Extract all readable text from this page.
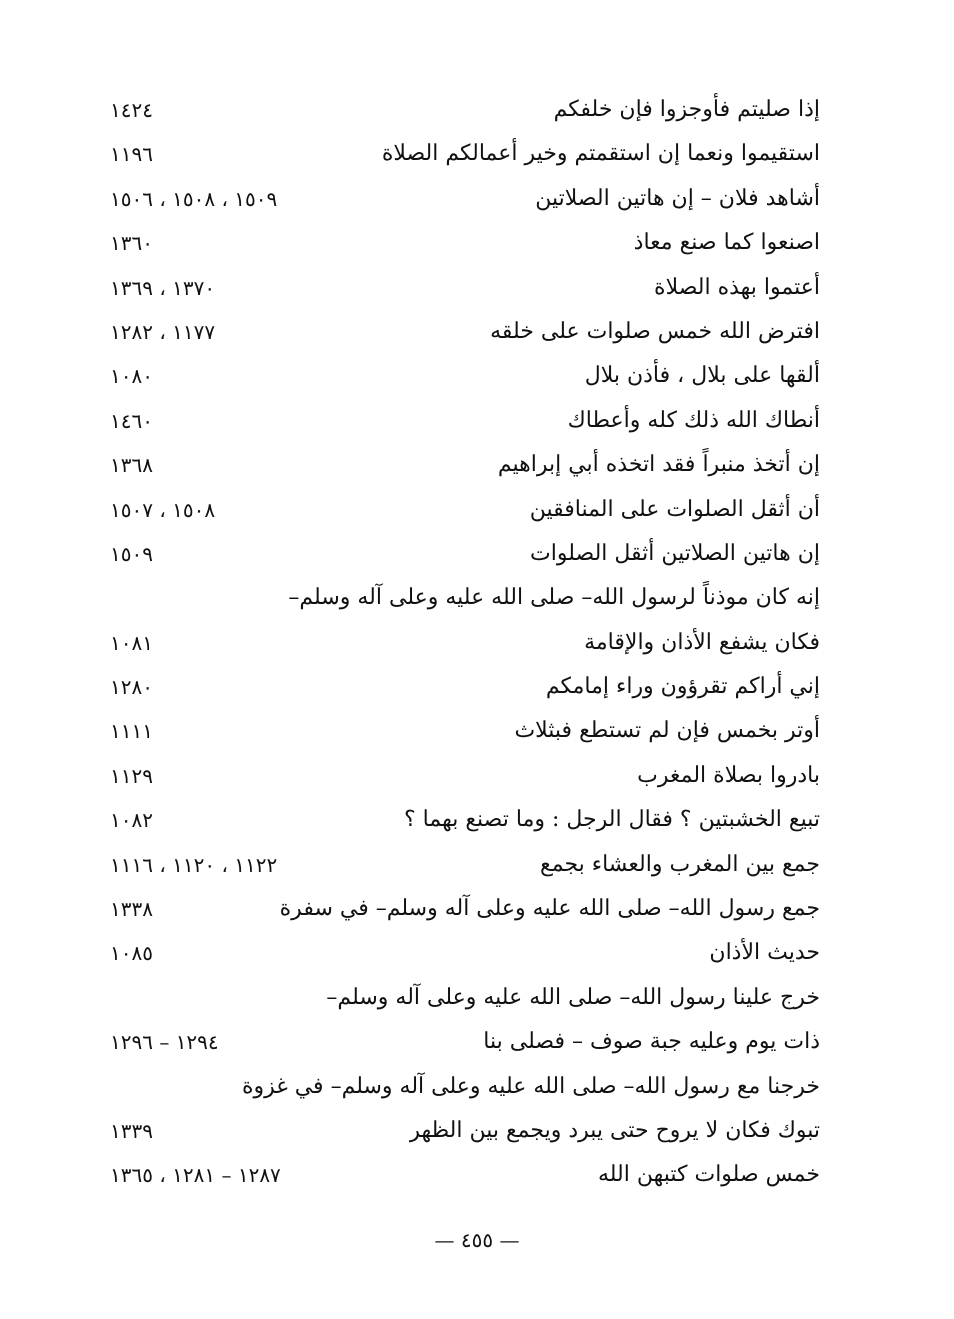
إذا صليتم فأوجزوا فإن خلفكم
١٤٢٤
استقيموا ونعما إن استقمتم وخير أعمالكم الصلاة
١١٩٦
أشاهد فلان – إن هاتين الصلاتين
١٥٠٩ ، ١٥٠٨ ، ١٥٠٦
اصنعوا كما صنع معاذ
١٣٦٠
أعتموا بهذه الصلاة
١٣٧٠ ، ١٣٦٩
افترض الله خمس صلوات على خلقه
١١٧٧ ، ١٢٨٢
ألقها على بلال ، فأذن بلال
١٠٨٠
أنطاك الله ذلك كله وأعطاك
١٤٦٠
إن أتخذ منبراً فقد اتخذه أبي إبراهيم
١٣٦٨
أن أثقل الصلوات على المنافقين
١٥٠٨ ، ١٥٠٧
إن هاتين الصلاتين أثقل الصلوات
١٥٠٩
إنه كان موذناً لرسول الله– صلى الله عليه وعلى آله وسلم–
فكان يشفع الأذان والإقامة
١٠٨١
إني أراكم تقرؤون وراء إمامكم
١٢٨٠
أوتر بخمس فإن لم تستطع فبثلاث
١١١١
بادروا بصلاة المغرب
١١٢٩
تبيع الخشبتين ؟ فقال الرجل : وما تصنع بهما ؟
١٠٨٢
جمع بين المغرب والعشاء بجمع
١١٢٢ ، ١١٢٠ ، ١١١٦
جمع رسول الله– صلى الله عليه وعلى آله وسلم– في سفرة
١٣٣٨
حديث الأذان
١٠٨٥
خرج علينا رسول الله– صلى الله عليه وعلى آله وسلم–
ذات يوم وعليه جبة صوف – فصلى بنا
١٢٩٤ – ١٢٩٦
خرجنا مع رسول الله– صلى الله عليه وعلى آله وسلم– في غزوة
تبوك فكان لا يروح حتى يبرد ويجمع بين الظهر
١٣٣٩
خمس صلوات كتبهن الله
١٢٨٧ – ١٢٨١ ، ١٣٦٥
— ٤٥٥ —
